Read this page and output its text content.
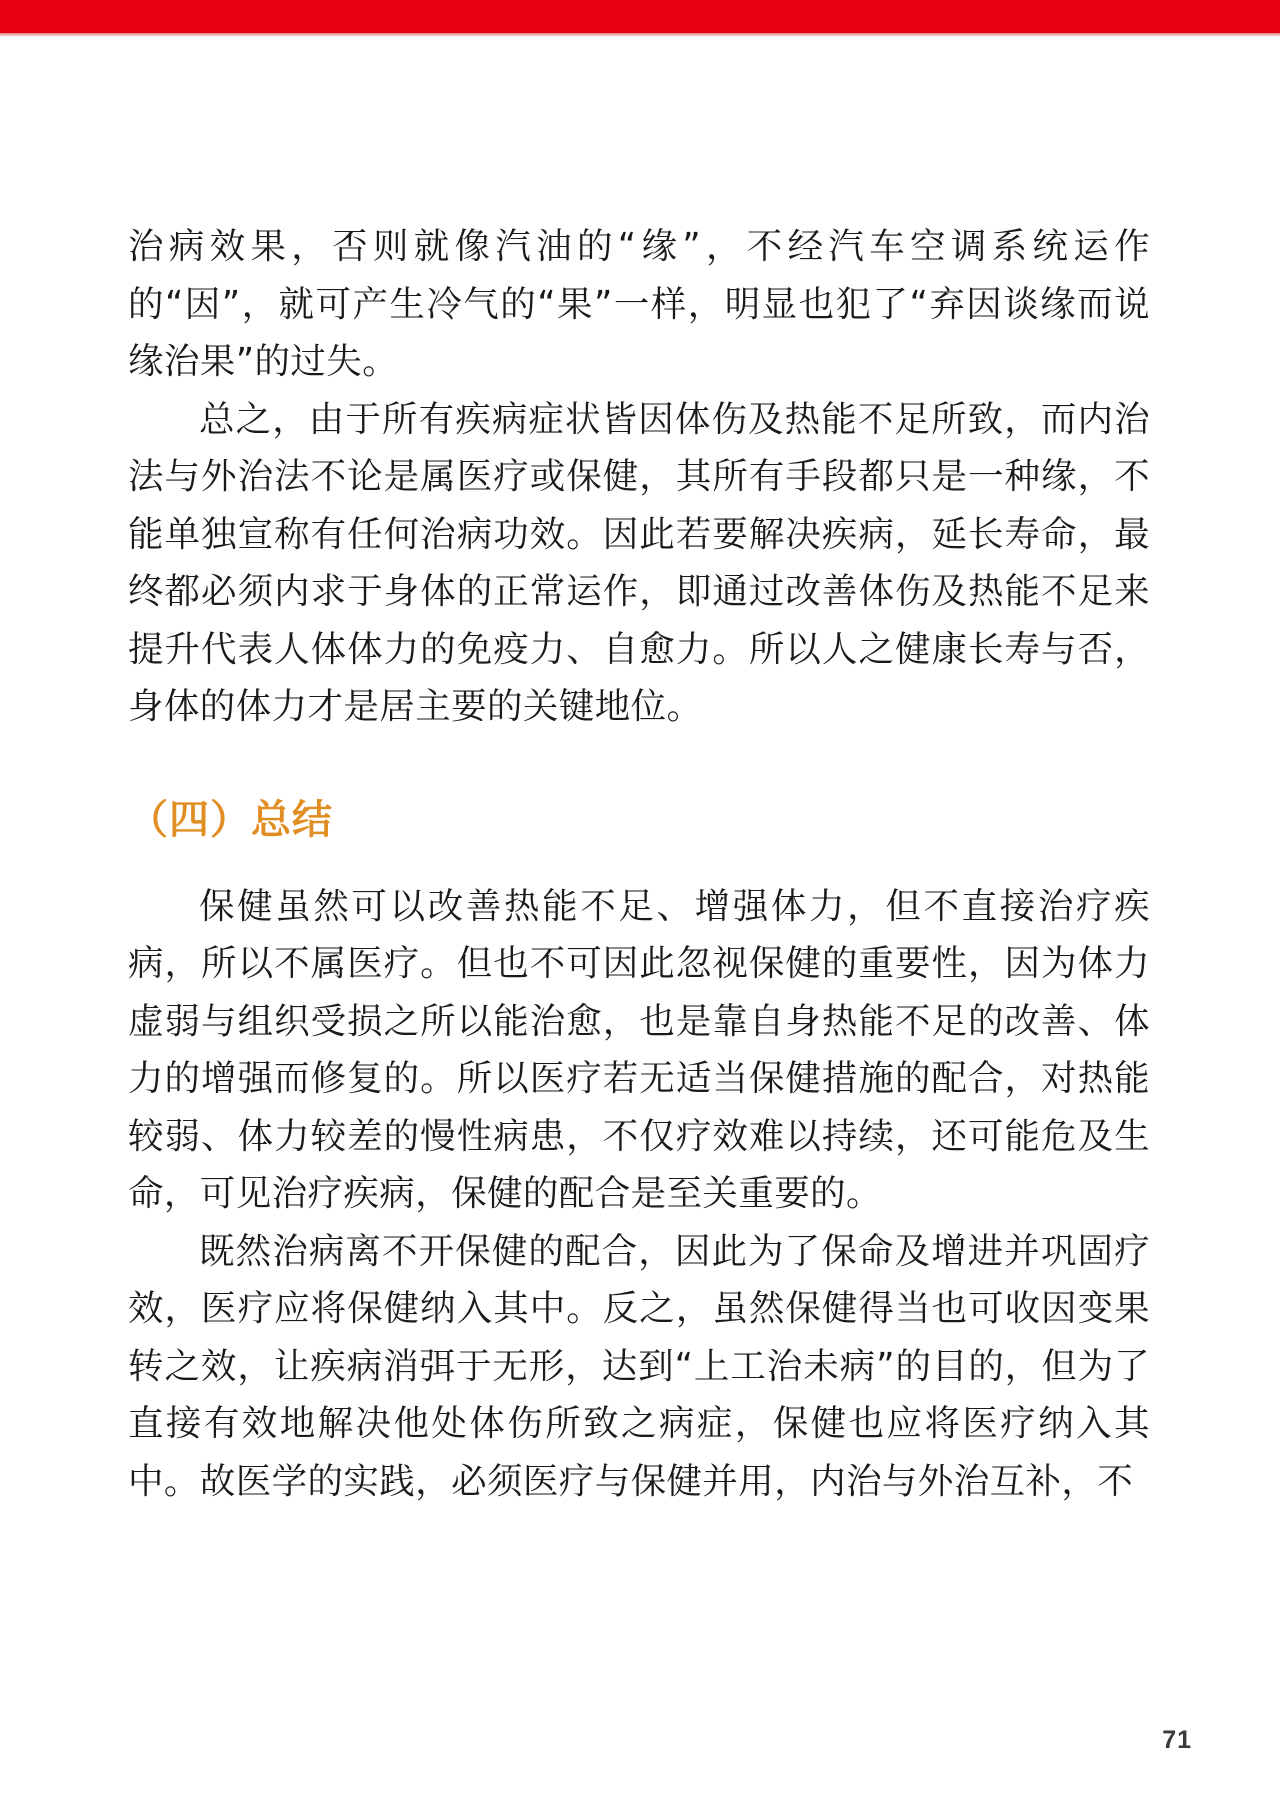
治病效果，否则就像汽油的“缘”，不经汽车空调系统运作的“因”，就可产生冷气的“果”一样，明显也犯了“弃因谈缘而说缘治果”的过失。

总之，由于所有疾病症状皆因体伤及热能不足所致，而内治法与外治法不论是属医疗或保健，其所有手段都只是一种缘，不能单独宣称有任何治病功效。因此若要解决疾病，延长寿命，最终都必须内求于身体的正常运作，即通过改善体伤及热能不足来提升代表人体体力的免疫力、自愈力。所以人之健康长寿与否，身体的体力才是居主要的关键地位。

（四）总结

保健虽然可以改善热能不足、增强体力，但不直接治疗疾病，所以不属医疗。但也不可因此忽视保健的重要性，因为体力虚弱与组织受损之所以能治愈，也是靠自身热能不足的改善、体力的增强而修复的。所以医疗若无适当保健措施的配合，对热能较弱、体力较差的慢性病患，不仅疗效难以持续，还可能危及生命，可见治疗疾病，保健的配合是至关重要的。

既然治病离不开保健的配合，因此为了保命及增进并巩固疗效，医疗应将保健纳入其中。反之，虽然保健得当也可收因变果转之效，让疾病消弭于无形，达到“上工治未病”的目的，但为了直接有效地解决他处体伤所致之病症，保健也应将医疗纳入其中。故医学的实践，必须医疗与保健并用，内治与外治互补，不

71
